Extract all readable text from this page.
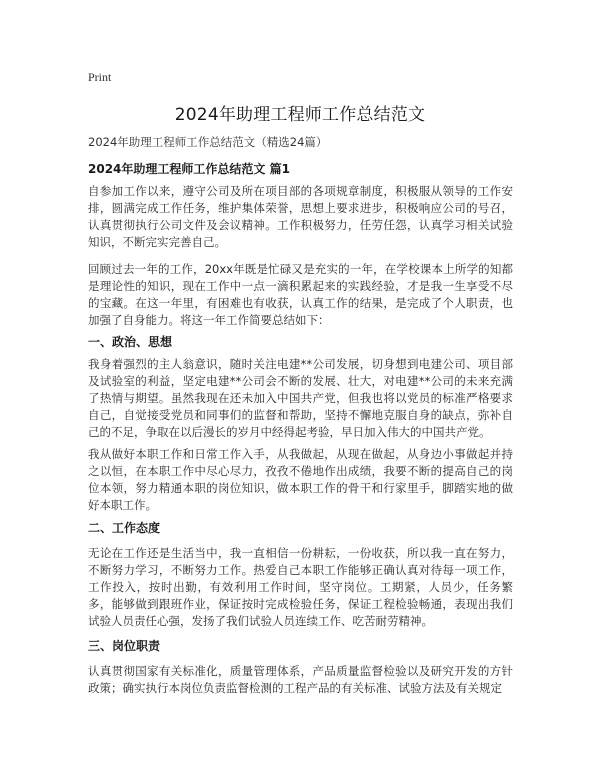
Print
2024年助理工程师工作总结范文
2024年助理工程师工作总结范文（精选24篇）
2024年助理工程师工作总结范文 篇1
自参加工作以来，遵守公司及所在项目部的各项规章制度，积极服从领导的工作安排，圆满完成工作任务，维护集体荣誉，思想上要求进步，积极响应公司的号召，认真贯彻执行公司文件及会议精神。工作积极努力，任劳任怨，认真学习相关试验知识，不断完实完善自己。
回顾过去一年的工作，20xx年既是忙碌又是充实的一年，在学校课本上所学的知都是理论性的知识，现在工作中一点一滴积累起来的实践经验，才是我一生享受不尽的宝藏。在这一年里，有困难也有收获，认真工作的结果，是完成了个人职责，也加强了自身能力。将这一年工作简要总结如下：
一、政治、思想
我身着强烈的主人翁意识，随时关注电建**公司发展，切身想到电建公司、项目部及试验室的利益，坚定电建**公司会不断的发展、壮大，对电建**公司的未来充满了热情与期望。虽然我现在还未加入中国共产党，但我也将以党员的标准严格要求自己，自觉接受党员和同事们的监督和帮助，坚持不懈地克服自身的缺点，弥补自己的不足，争取在以后漫长的岁月中经得起考验，早日加入伟大的中国共产党。
我从做好本职工作和日常工作入手，从我做起，从现在做起，从身边小事做起并持之以恒，在本职工作中尽心尽力，孜孜不倦地作出成绩，我要不断的提高自己的岗位本领，努力精通本职的岗位知识，做本职工作的骨干和行家里手，脚踏实地的做好本职工作。
二、工作态度
无论在工作还是生活当中，我一直相信一份耕耘，一份收获，所以我一直在努力，不断努力学习，不断努力工作。热爱自己本职工作能够正确认真对待每一项工作，工作投入，按时出勤，有效利用工作时间，坚守岗位。工期紧，人员少，任务繁多，能够做到跟班作业，保证按时完成检验任务，保证工程检验畅通，表现出我们试验人员责任心强，发扬了我们试验人员连续工作、吃苦耐劳精神。
三、岗位职责
认真贯彻国家有关标准化，质量管理体系，产品质量监督检验以及研究开发的方针政策；确实执行本岗位负责监督检测的工程产品的有关标准、试验方法及有关规定
